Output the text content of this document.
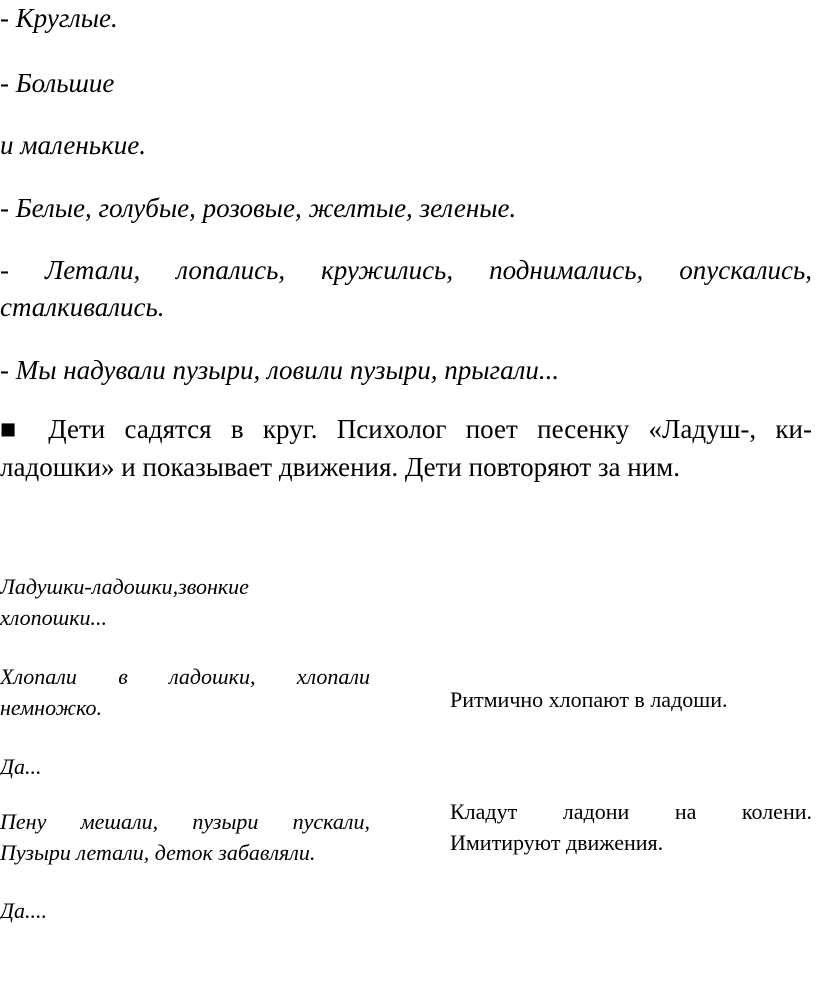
- Круглые.
- Большие
и маленькие.
- Белые, голубые, розовые, желтые, зеленые.
- Летали, лопались, кружились, поднимались, опускались,
сталкивались.
- Мы надували пузыри, ловили пузыри, прыгали...
■ Дети садятся в круг. Психолог поет песенку «Ладуш-, ки-
ладошки» и показывает движения. Дети повторяют за ним.
Ладушки-ладошки,звонкие
хлопошки...
Хлопали в ладошки, хлопали
немножко.
Да...
Пену мешали, пузыри пускали,
Пузыри летали, деток забавляли.
Да....
Ритмично хлопают в ладоши.
Кладут ладони на колени.
Имитируют движения.
